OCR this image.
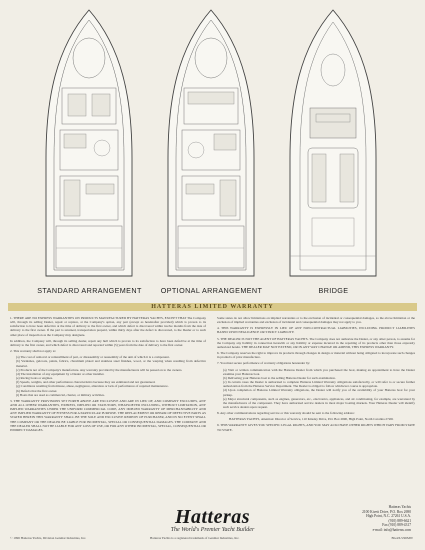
STANDARD ARRANGEMENT	OPTIONAL ARRANGEMENT	BRIDGE
HATTERAS LIMITED WARRANTY

1. THERE ARE NO EXPRESS WARRANTIES ON PRODUCTS MANUFACTURED BY HATTERAS YACHTS, EXCEPT THAT The Company will, through its selling Dealer, repair or replace, at the Company's option, any part (except as hereinafter provided) which is proven to its satisfaction to have been defective at the time of delivery to the first owner, and which defect is discovered within twelve months from the date of delivery to the first owner. If the part is returned, transportation prepaid, within thirty days after the defect is discovered, to the Dealer or to such other place of inspection as the Company may designate.

In addition, the Company will, through its selling dealer, repair any hull which is proven to its satisfaction to have been defective at the time of delivery to the first owner, and which defect is discovered and reported within (5) years from the date of delivery to the first owner.

2. This warranty shall not apply to:

(a) The cost of removal or reinstallment of part, or disassembly or reassembly of the unit of which it is a component.

(b) Varnishes, gelcoats, paints, fabrics, chromium plated and stainless steel finishes, wood, or the warping when resulting from defective material.

(c) Products not of the Company's manufacture. Any warranty provided by the manufacturers will be passed on to the owners.

(d) The installation of any equipment by a Dealer or other installer.

(e) Racing boats or engines.

(f) Speeds, weights, and other performance characteristics because they are estimated and not guaranteed.

(g) Conditions resulting from misuse, abuse, negligence, alteration or lack of performance of required maintenance.

(h) Defects that the first owner.

(i) Boats that are used as commercial, charter, or military activities.

3. THE WARRANTY PROVISIONS SET FORTH ABOVE ARE EXCLUSIVE AND ARE IN LIEU OF, AND COMPANY EXCLUDES, ANY AND ALL OTHER WARRANTIES, EXPRESS, IMPLIED OR STATUTORY, WHATSOEVER INCLUDING, WITHOUT LIMITATION, ANY IMPLIED WARRANTIES UNDER THE UNIFORM COMMERCIAL CODE, ANY IMPLIED WARRANTY OF MERCHANTABILITY AND ANY IMPLIED WARRANTY OF FITNESS FOR A PARTICULAR PURPOSE. THE REPLACEMENT OR REPAIR OF DEFECTIVE PARTS AS STATED HEREIN THIS WARRANTY SHALL BE THE SOLE AND EXCLUSIVE REMEDY OF PURCHASER, AND IN NO EVENT SHALL THE COMPANY OR THE DEALER BE LIABLE FOR INCIDENTAL, SPECIAL OR CONSEQUENTIAL DAMAGES. THE COMPANY AND THE DEALER SHALL NOT BE LIABLE FOR ANY LOSS OF USE, OR FOR ANY OTHER INCIDENTAL, SPECIAL, CONSEQUENTIAL OR INDIRECT DAMAGES.

Some states do not allow limitations on implied warranties or to the exclusion of incidental or consequential damages, so the above limitation or the exclusion of implied warranties and exclusion of incidental and consequential damages may not apply to you.

4. THIS WARRANTY IS EXPRESSLY IN LIEU OF ANY NON-CONTRACTUAL LIABILITIES, INCLUDING PRODUCT LIABILITIES BASED UPON NEGLIGENCE OR STRICT LIABILITY.

5. THE DEALER IS NOT THE AGENT OF HATTERAS YACHTS. The Company does not authorize the Dealer, or any other person, to assume for the Company any liability in connection herewith or any liability or expense incurred in the repairing of its products other than those expressly authorized herein. THE DEALER MAY NOT EXTEND, OR IN ANY WAY CHANGE OR AMEND, THIS EXPRESS WARRANTY.

6. The Company reserves the right to improve its products through changes in design or material without being obligated to incorporate such changes in products of prior manufacture.

7. You must secure performance of warranty obligations hereunder by:

(a) Visit or written communication with the Hatteras Dealer from which you purchased the boat, making an appointment to have the Dealer examine your Hatteras boat.

(b) Delivering your Hatteras boat to the selling Hatteras Dealer for such examination.

(c) In certain cases the Dealer is authorized to complete Hatteras Limited Warranty obligations satisfactorily, or will refer to or secure further authorization from the Hatteras Service Department. The Dealer is obliged to follow whichever course is appropriate.

(d) Upon completion of Hatteras Limited Warranty obligations, the Dealer will notify you of the availability of your Hatteras boat for your pickup.

(e) Major structural components, such as engines, generators, etc., electronics, appliances, and air conditioning, for example, are warranted by the manufacturers of the component. They have authorized service dealers in most major boating markets. Your Hatteras Dealer will identify such service dealers upon request.

8. Any other communications regarding service or this warranty should be sent to the following address:

HATTERAS YACHTS, Attention: Director of Service, 110 Kinsley Drive, P.O. Box 2690, High Point, North Carolina 27261

9. THIS WARRANTY GIVES YOU SPECIFIC LEGAL RIGHTS, AND YOU MAY ALSO HAVE OTHER RIGHTS WHICH VARY FROM STATE TO STATE.

Hatteras
The World's Premier Yacht Builder
Hatteras Yachts
2100 Kivett Drive, P.O. Box 2690
High Point, N.C. 27261 U.S.A.
(910) 889-6621
Fax (910) 889-4317
e-mail: info@hatteras.com
© 1996 Hatteras Yachts, Division Genmar Industries, Inc.	Hatteras Yachts is a registered trademark of Genmar Industries, Inc.	BG4/6.5/96MW
